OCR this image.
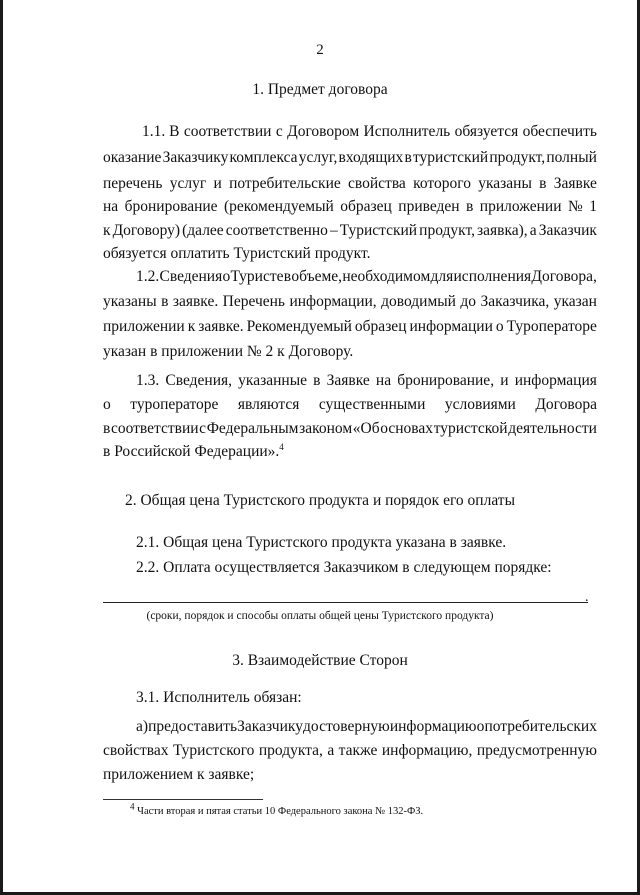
2
1. Предмет договора
1.1. В соответствии с Договором Исполнитель обязуется обеспечить
оказание Заказчику комплекса услуг, входящих в туристский продукт, полный
перечень услуг и потребительские свойства которого указаны в Заявке
на бронирование (рекомендуемый образец приведен в приложении № 1
к Договору) (далее соответственно – Туристский продукт, заявка), а Заказчик
обязуется оплатить Туристский продукт.
1.2. Сведения о Туристе в объеме, необходимом для исполнения Договора,
указаны в заявке. Перечень информации, доводимый до Заказчика, указан
приложении к заявке. Рекомендуемый образец информации о Туроператоре
указан в приложении № 2 к Договору.
1.3. Сведения, указанные в Заявке на бронирование, и информация
о туроператоре являются существенными условиями Договора
в соответствии с Федеральным законом «Об основах туристской деятельности
в Российской Федерации».$^4$
2. Общая цена Туристского продукта и порядок его оплаты
2.1. Общая цена Туристского продукта указана в заявке.
2.2. Оплата осуществляется Заказчиком в следующем порядке:
.
(сроки, порядок и способы оплаты общей цены Туристского продукта)
3. Взаимодействие Сторон
3.1. Исполнитель обязан:
а) предоставить Заказчику достоверную информацию о потребительских
свойствах Туристского продукта, а также информацию, предусмотренную
приложением к заявке;
$^4$ Части вторая и пятая статьи 10 Федерального закона № 132-ФЗ.
